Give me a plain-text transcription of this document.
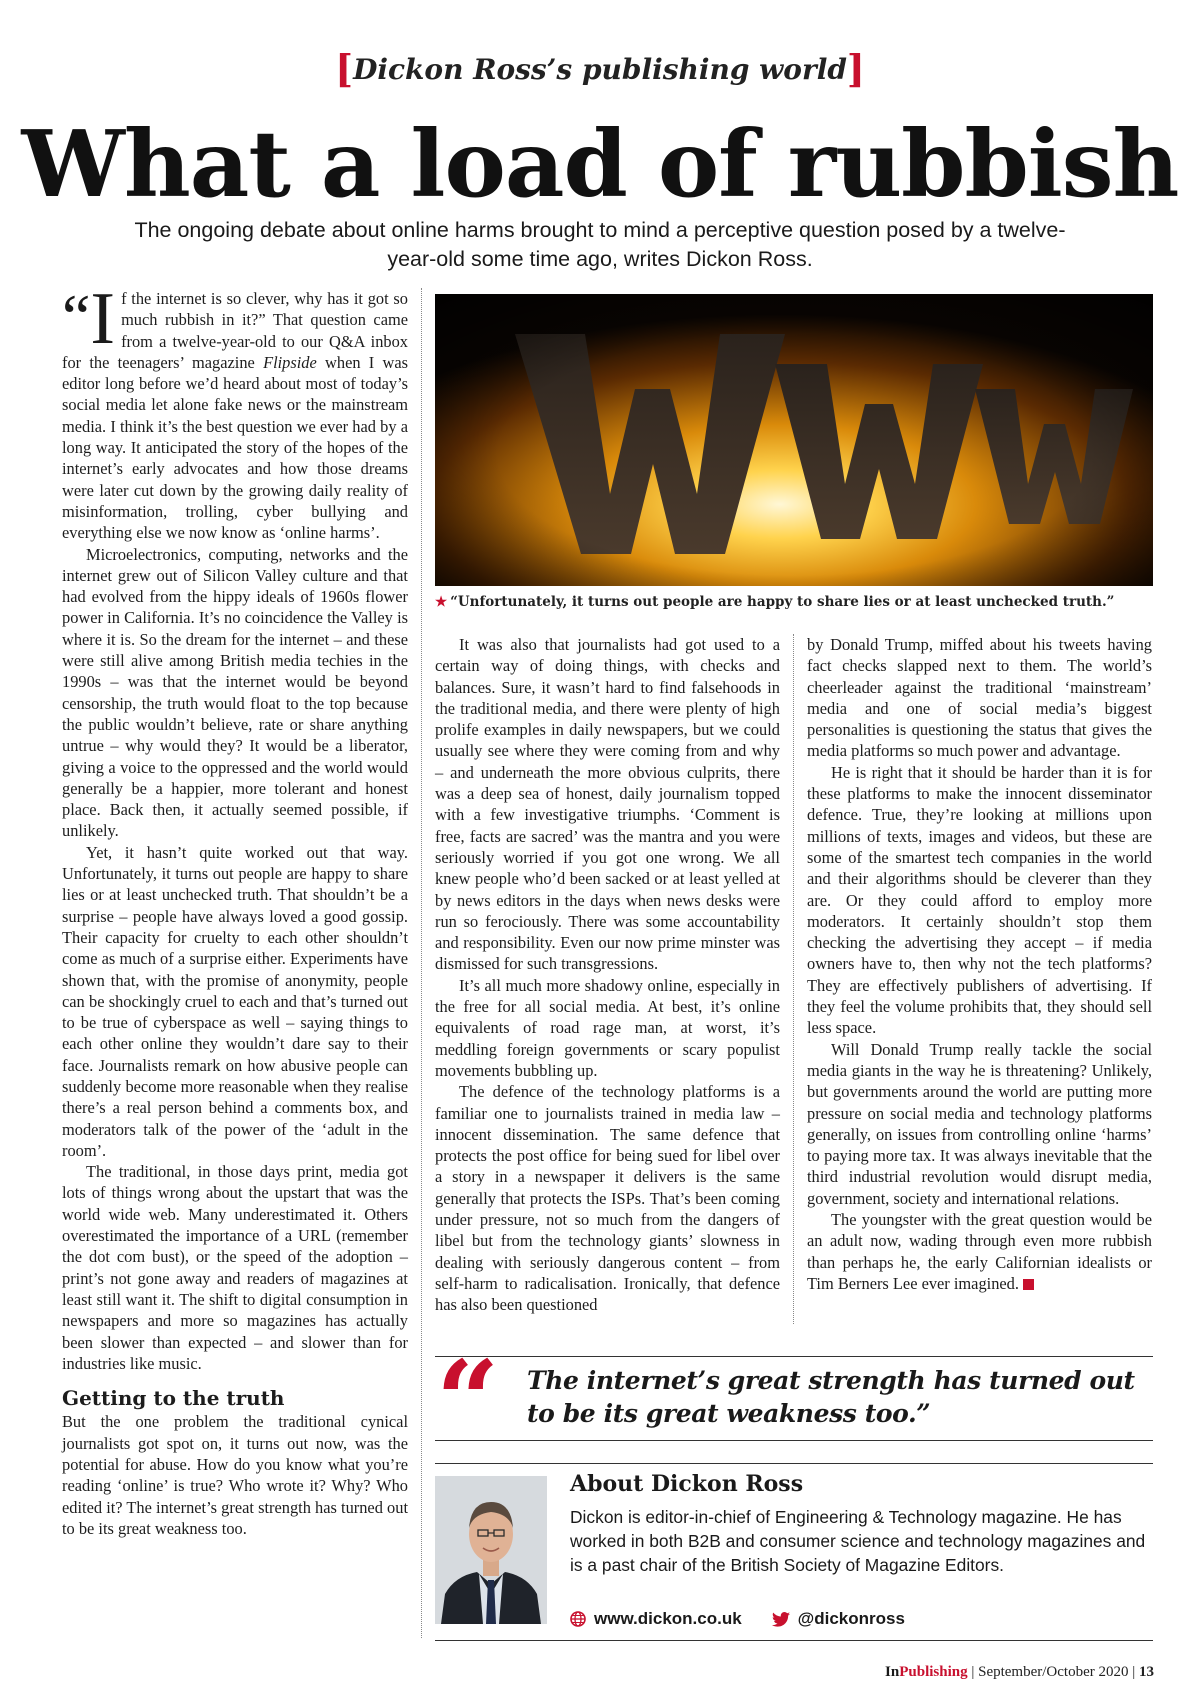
[Dickon Ross’s publishing world]
What a load of rubbish
The ongoing debate about online harms brought to mind a perceptive question posed by a twelve-year-old some time ago, writes Dickon Ross.

“ I f the internet is so clever, why has it got so much rubbish in it?” That question came from a twelve-year-old to our Q&A inbox for the teenagers’ magazine Flipside when I was editor long before we’d heard about most of today’s social media let alone fake news or the mainstream media. I think it’s the best question we ever had by a long way. It anticipated the story of the hopes of the internet’s early advocates and how those dreams were later cut down by the growing daily reality of misinformation, trolling, cyber bullying and everything else we now know as ‘online harms’.

Microelectronics, computing, networks and the internet grew out of Silicon Valley culture and that had evolved from the hippy ideals of 1960s flower power in California. It’s no coincidence the Valley is where it is. So the dream for the internet – and these were still alive among British media techies in the 1990s – was that the internet would be beyond censorship, the truth would float to the top because the public wouldn’t believe, rate or share anything untrue – why would they? It would be a liberator, giving a voice to the oppressed and the world would generally be a happier, more tolerant and honest place. Back then, it actually seemed possible, if unlikely.

Yet, it hasn’t quite worked out that way. Unfortunately, it turns out people are happy to share lies or at least unchecked truth. That shouldn’t be a surprise – people have always loved a good gossip. Their capacity for cruelty to each other shouldn’t come as much of a surprise either. Experiments have shown that, with the promise of anonymity, people can be shockingly cruel to each and that’s turned out to be true of cyberspace as well – saying things to each other online they wouldn’t dare say to their face. Journalists remark on how abusive people can suddenly become more reasonable when they realise there’s a real person behind a comments box, and moderators talk of the power of the ‘adult in the room’.

The traditional, in those days print, media got lots of things wrong about the upstart that was the world wide web. Many underestimated it. Others overestimated the importance of a URL (remember the dot com bust), or the speed of the adoption – print’s not gone away and readers of magazines at least still want it. The shift to digital consumption in newspapers and more so magazines has actually been slower than expected – and slower than for industries like music.

Getting to the truth

But the one problem the traditional cynical journalists got spot on, it turns out now, was the potential for abuse. How do you know what you’re reading ‘online’ is true? Who wrote it? Why? Who edited it? The internet’s great strength has turned out to be its great weakness too.

★ “Unfortunately, it turns out people are happy to share lies or at least unchecked truth.”

It was also that journalists had got used to a certain way of doing things, with checks and balances. Sure, it wasn’t hard to find falsehoods in the traditional media, and there were plenty of high prolife examples in daily newspapers, but we could usually see where they were coming from and why – and underneath the more obvious culprits, there was a deep sea of honest, daily journalism topped with a few investigative triumphs. ‘Comment is free, facts are sacred’ was the mantra and you were seriously worried if you got one wrong. We all knew people who’d been sacked or at least yelled at by news editors in the days when news desks were run so ferociously. There was some accountability and responsibility. Even our now prime minster was dismissed for such transgressions.

It’s all much more shadowy online, especially in the free for all social media. At best, it’s online equivalents of road rage man, at worst, it’s meddling foreign governments or scary populist movements bubbling up.

The defence of the technology platforms is a familiar one to journalists trained in media law – innocent dissemination. The same defence that protects the post office for being sued for libel over a story in a newspaper it delivers is the same generally that protects the ISPs. That’s been coming under pressure, not so much from the dangers of libel but from the technology giants’ slowness in dealing with seriously dangerous content – from self-harm to radicalisation. Ironically, that defence has also been questioned

by Donald Trump, miffed about his tweets having fact checks slapped next to them. The world’s cheerleader against the traditional ‘mainstream’ media and one of social media’s biggest personalities is questioning the status that gives the media platforms so much power and advantage.

He is right that it should be harder than it is for these platforms to make the innocent disseminator defence. True, they’re looking at millions upon millions of texts, images and videos, but these are some of the smartest tech companies in the world and their algorithms should be cleverer than they are. Or they could afford to employ more moderators. It certainly shouldn’t stop them checking the advertising they accept – if media owners have to, then why not the tech platforms? They are effectively publishers of advertising. If they feel the volume prohibits that, they should sell less space.

Will Donald Trump really tackle the social media giants in the way he is threatening? Unlikely, but governments around the world are putting more pressure on social media and technology platforms generally, on issues from controlling online ‘harms’ to paying more tax. It was always inevitable that the third industrial revolution would disrupt media, government, society and international relations.

The youngster with the great question would be an adult now, wading through even more rubbish than perhaps he, the early Californian idealists or Tim Berners Lee ever imagined.

“ The internet’s great strength has turned out to be its great weakness too.”
About Dickon Ross
Dickon is editor-in-chief of Engineering & Technology magazine. He has worked in both B2B and consumer science and technology magazines and is a past chair of the British Society of Magazine Editors.
www.dickon.co.uk	@dickonross
InPublishing | September/October 2020 | 13
